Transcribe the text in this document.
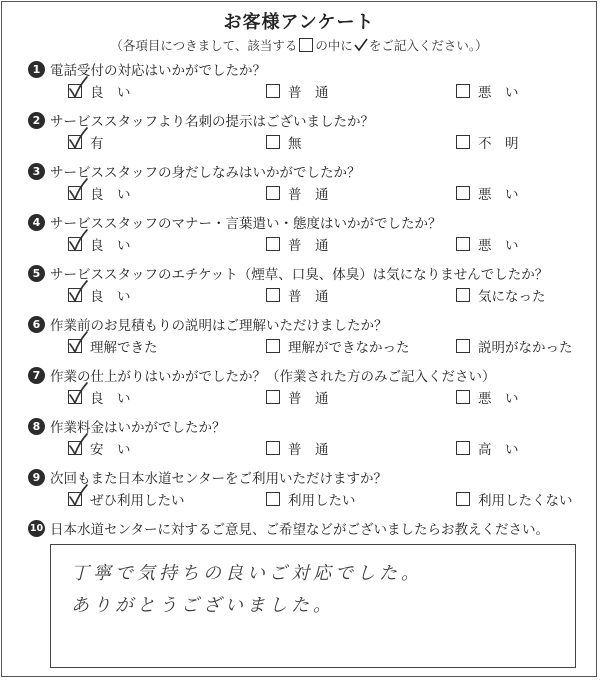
お客様アンケート
（各項目につきまして、該当する の中に をご記入ください。）
1 電話受付の対応はいかがでしたか？
良　い	普　通	悪　い
2 サービススタッフより名刺の提示はございましたか？
有	無	不　明
3 サービススタッフの身だしなみはいかがでしたか？
良　い	普　通	悪　い
4 サービススタッフのマナー・言葉遣い・態度はいかがでしたか？
良　い	普　通	悪　い
5 サービススタッフのエチケット（煙草、口臭、体臭）は気になりませんでしたか？
良　い	普　通	気になった
6 作業前のお見積もりの説明はご理解いただけましたか？
理解できた	理解ができなかった	説明がなかった
7 作業の仕上がりはいかがでしたか？（作業された方のみご記入ください）
良　い	普　通	悪　い
8 作業料金はいかがでしたか？
安　い	普　通	高　い
9 次回もまた日本水道センターをご利用いただけますか？
ぜひ利用したい	利用したい	利用したくない
10 日本水道センターに対するご意見、ご希望などがございましたらお教えください。
丁寧で気持ちの良いご対応でした。
ありがとうございました。
